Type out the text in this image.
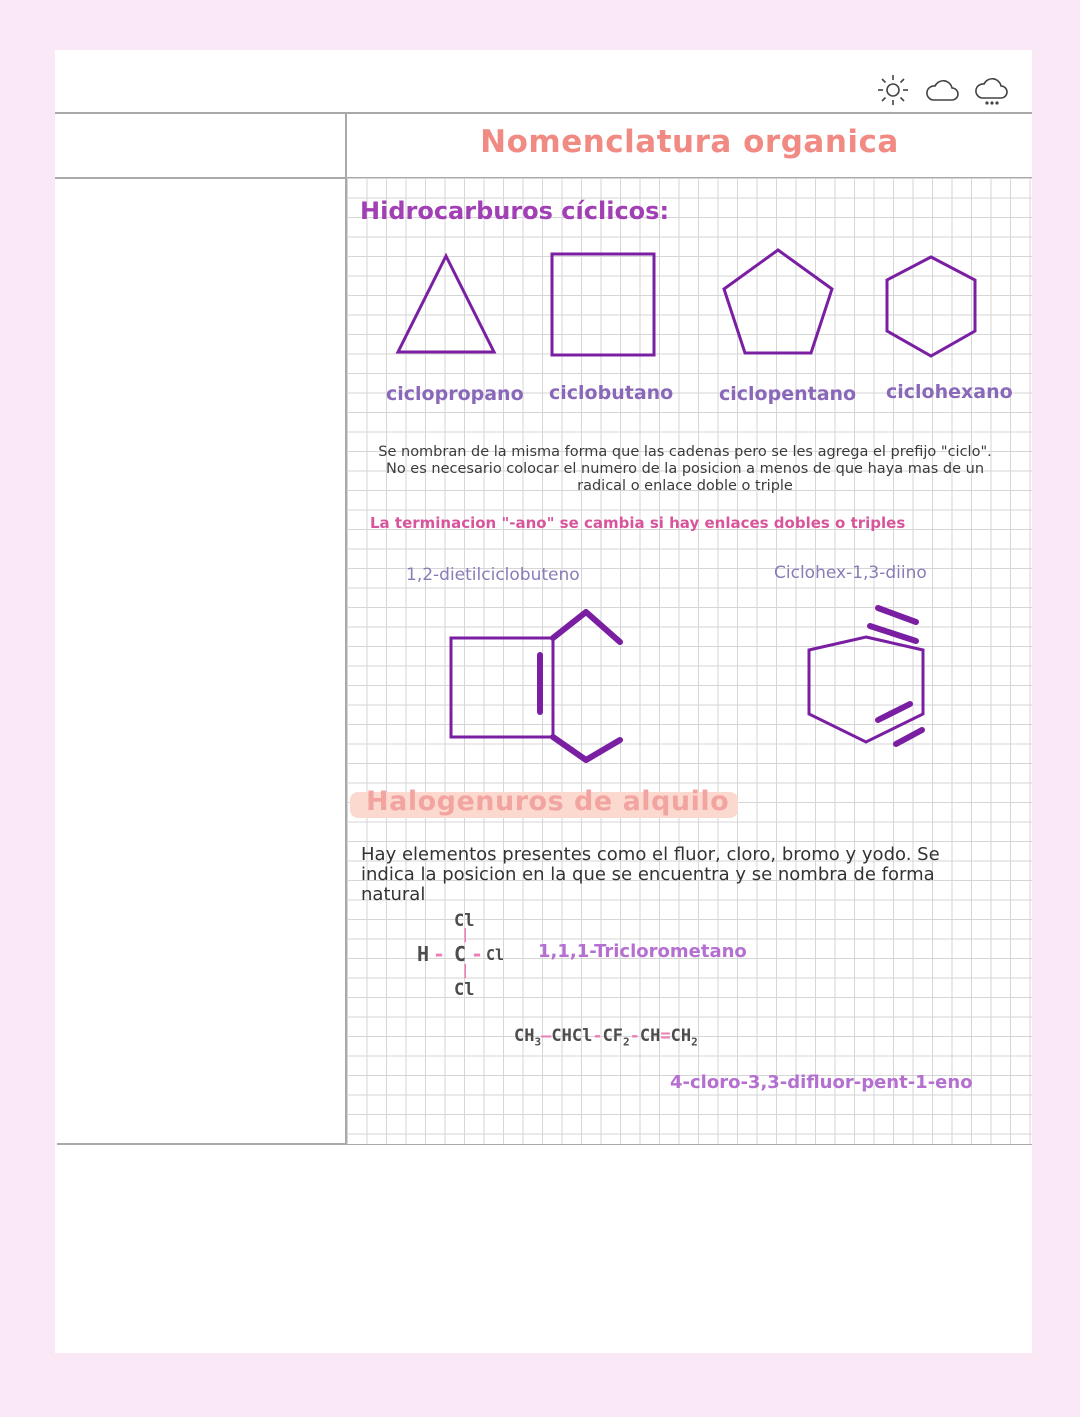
Nomenclatura organica
Hidrocarburos cíclicos:
ciclopropano ciclobutano ciclopentano ciclohexano
Se nombran de la misma forma que las cadenas pero se les agrega el prefijo "ciclo". No es necesario colocar el numero de la posicion a menos de que haya mas de un radical o enlace doble o triple
La terminacion "-ano" se cambia si hay enlaces dobles o triples
1,2-dietilciclobuteno	Ciclohex-1,3-diino
Halogenuros de alquilo
Hay elementos presentes como el fluor, cloro, bromo y yodo. Se indica la posicion en la que se encuentra y se nombra de forma natural
Cl
|
H - C - Cl
|
Cl
1,1,1-Triclorometano
$CH_3—CHCl-CF_2-CH=CH_2$
4-cloro-3,3-difluor-pent-1-eno
